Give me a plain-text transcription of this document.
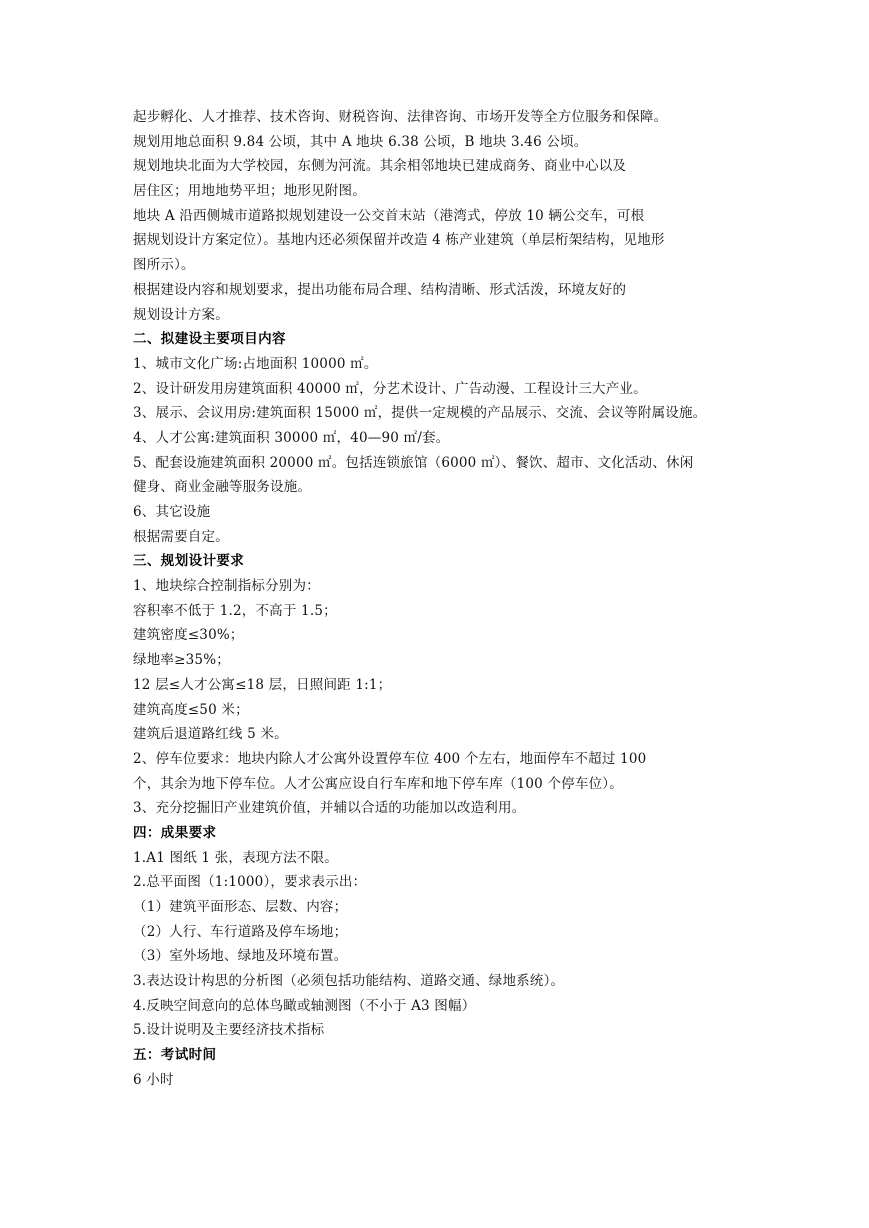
起步孵化、人才推荐、技术咨询、财税咨询、法律咨询、市场开发等全方位服务和保障。
规划用地总面积 9.84 公顷，其中 A 地块 6.38 公顷，B 地块 3.46 公顷。
规划地块北面为大学校园，东侧为河流。其余相邻地块已建成商务、商业中心以及
居住区；用地地势平坦；地形见附图。
地块 A 沿西侧城市道路拟规划建设一公交首末站（港湾式，停放 10 辆公交车，可根
据规划设计方案定位）。基地内还必须保留并改造 4 栋产业建筑（单层桁架结构，见地形
图所示）。
根据建设内容和规划要求，提出功能布局合理、结构清晰、形式活泼，环境友好的
规划设计方案。
二、拟建设主要项目内容
1、城市文化广场:占地面积 10000 ㎡。
2、设计研发用房建筑面积 40000 ㎡，分艺术设计、广告动漫、工程设计三大产业。
3、展示、会议用房:建筑面积 15000 ㎡，提供一定规模的产品展示、交流、会议等附属设施。
4、人才公寓:建筑面积 30000 ㎡，40—90 ㎡/套。
5、配套设施建筑面积 20000 ㎡。包括连锁旅馆（6000 ㎡）、餐饮、超市、文化活动、休闲
健身、商业金融等服务设施。
6、其它设施
根据需要自定。
三、规划设计要求
1、地块综合控制指标分别为：
容积率不低于 1.2，不高于 1.5；
建筑密度≤30%；
绿地率≥35%；
12 层≤人才公寓≤18 层，日照间距 1:1；
建筑高度≤50 米；
建筑后退道路红线 5 米。
2、停车位要求：地块内除人才公寓外设置停车位 400 个左右，地面停车不超过 100
个，其余为地下停车位。人才公寓应设自行车库和地下停车库（100 个停车位）。
3、充分挖掘旧产业建筑价值，并辅以合适的功能加以改造利用。
四：成果要求
1.A1 图纸 1 张，表现方法不限。
2.总平面图（1:1000），要求表示出：
（1）建筑平面形态、层数、内容；
（2）人行、车行道路及停车场地；
（3）室外场地、绿地及环境布置。
3.表达设计构思的分析图（必须包括功能结构、道路交通、绿地系统）。
4.反映空间意向的总体鸟瞰或轴测图（不小于 A3 图幅）
5.设计说明及主要经济技术指标
五：考试时间
6 小时
